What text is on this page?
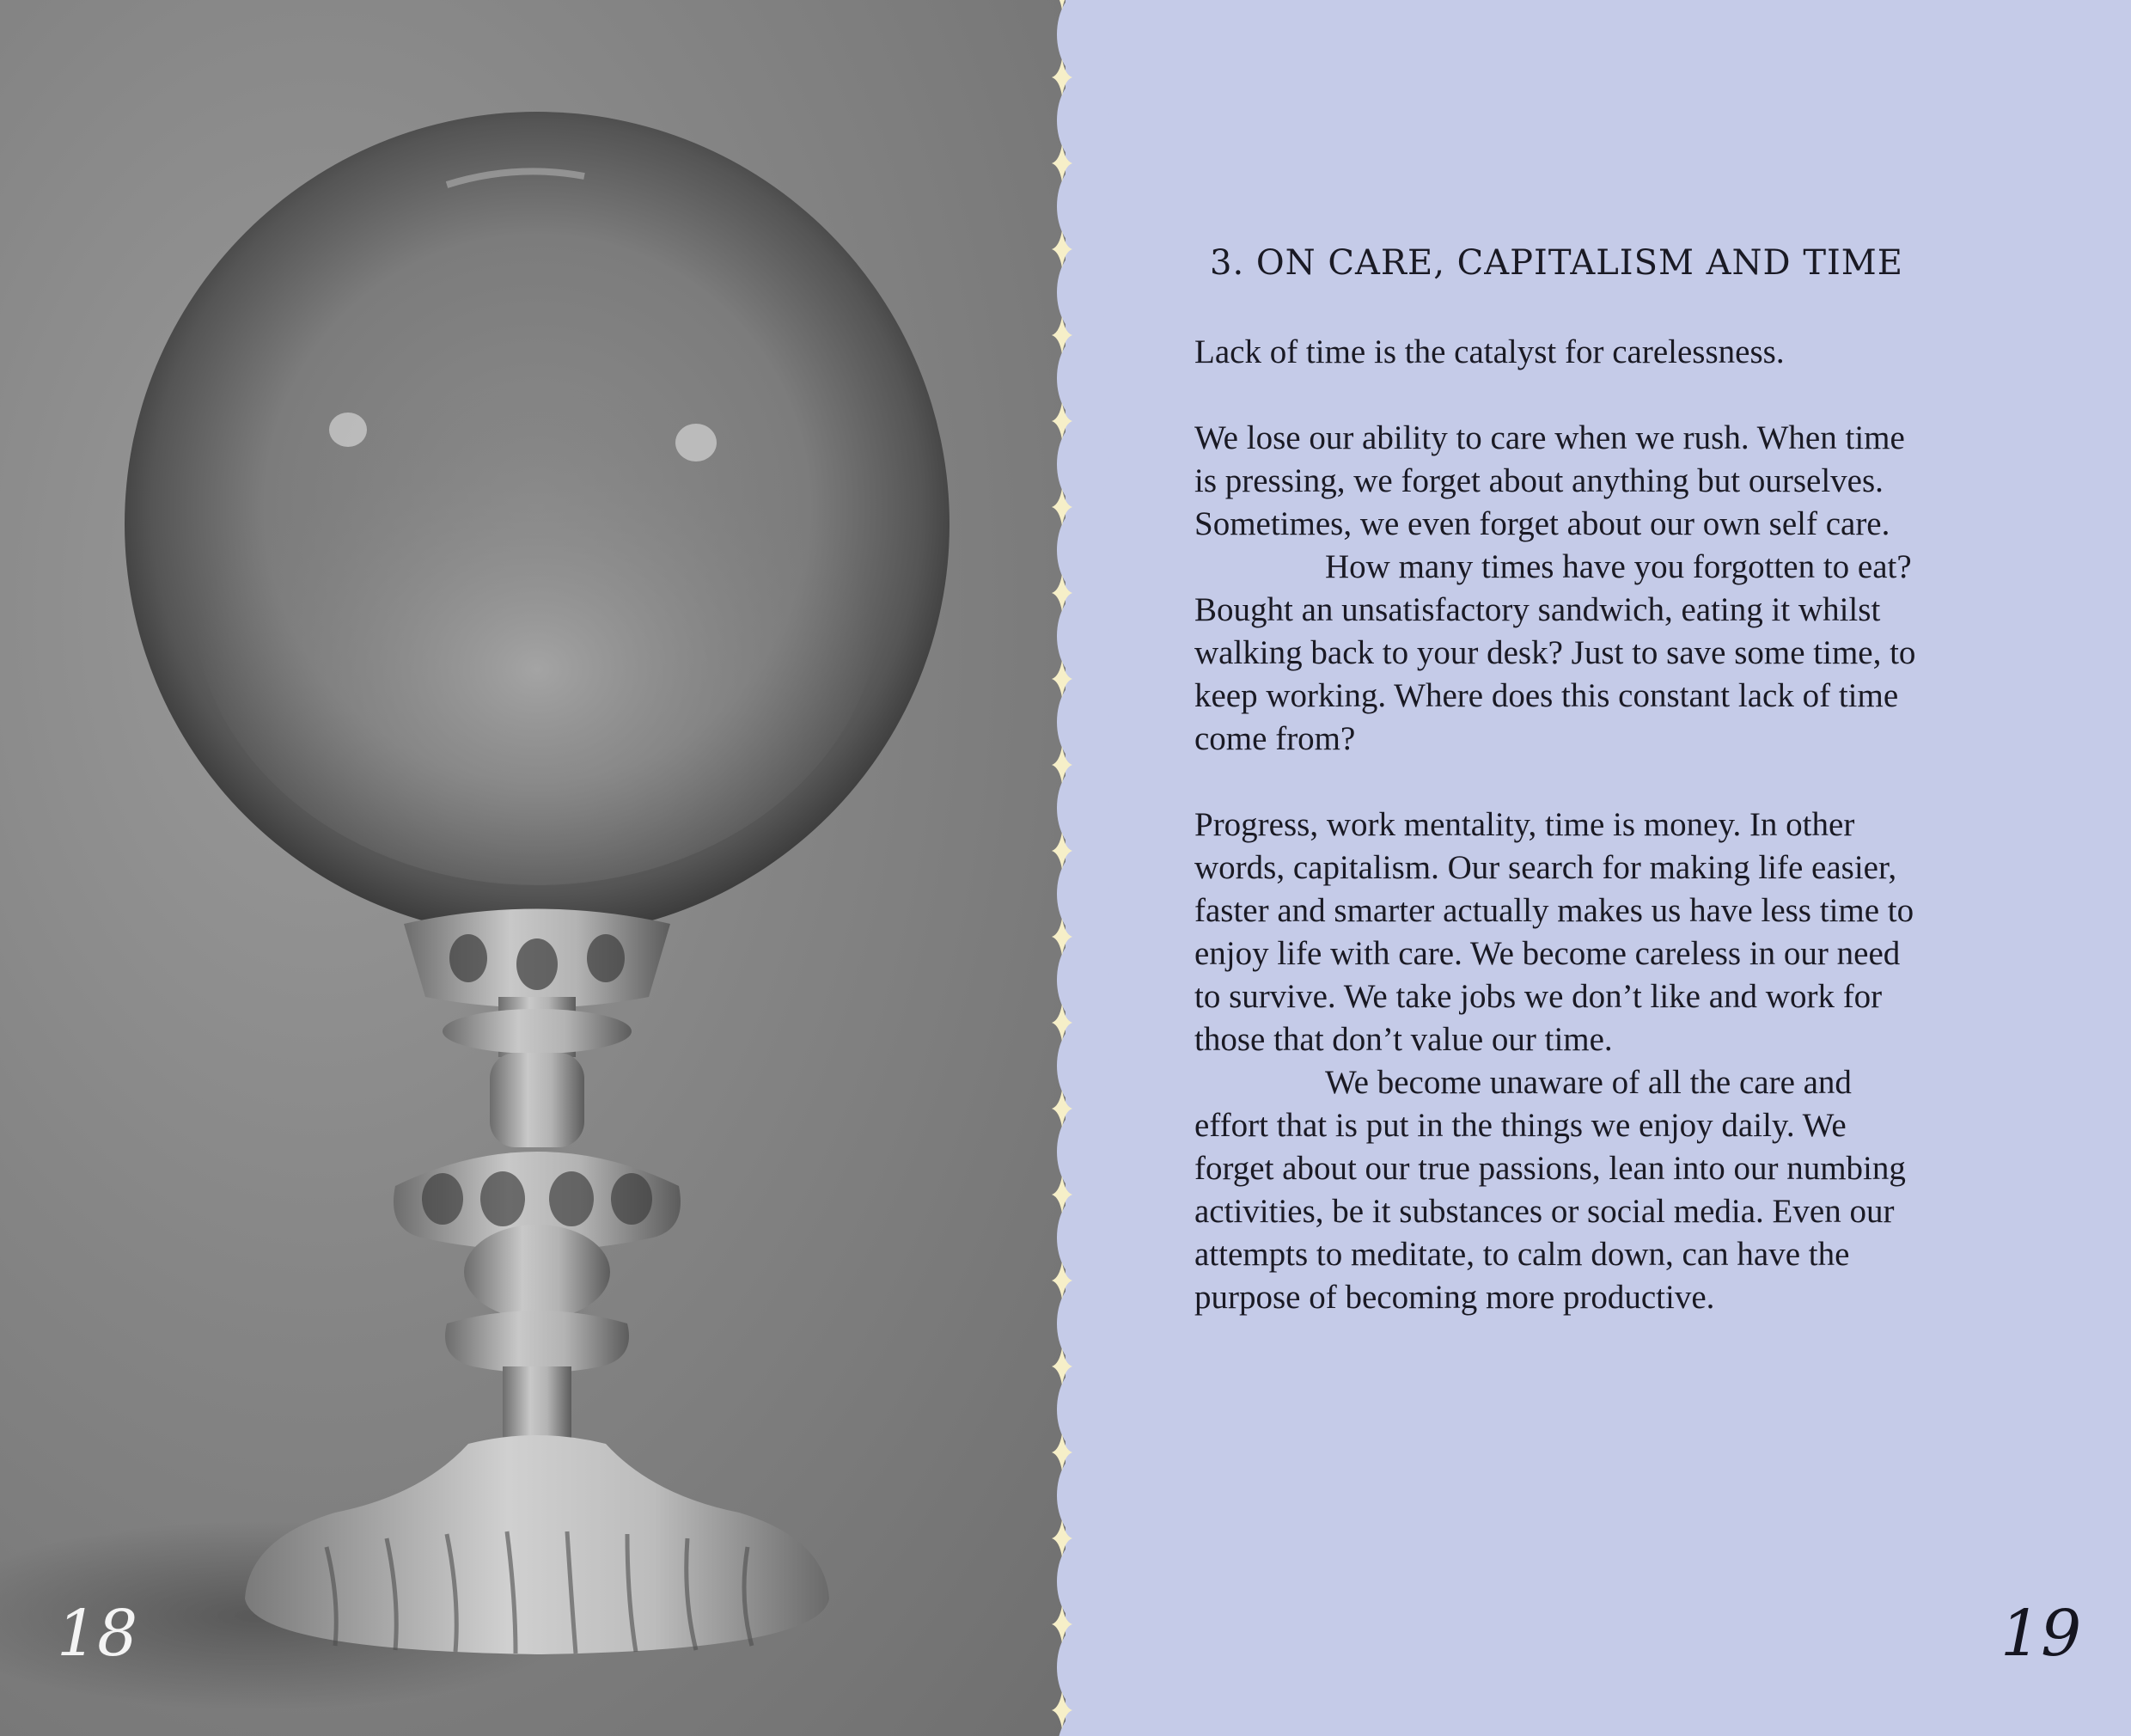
18
3. ON CARE, CAPITALISM AND TIME

Lack of time is the catalyst for carelessness.

We lose our ability to care when we rush. When time is pressing, we forget about anything but ourselves. Sometimes, we even forget about our own self care.

How many times have you forgotten to eat? Bought an unsatisfactory sandwich, eating it whilst walking back to your desk? Just to save some time, to keep working. Where does this constant lack of time come from?

Progress, work mentality, time is money. In other words, capitalism. Our search for making life easier, faster and smarter actually makes us have less time to enjoy life with care. We become careless in our need to survive. We take jobs we don’t like and work for those that don’t value our time.

We become unaware of all the care and effort that is put in the things we enjoy daily. We forget about our true passions, lean into our numbing activities, be it substances or social media. Even our attempts to meditate, to calm down, can have the purpose of becoming more productive.

19
